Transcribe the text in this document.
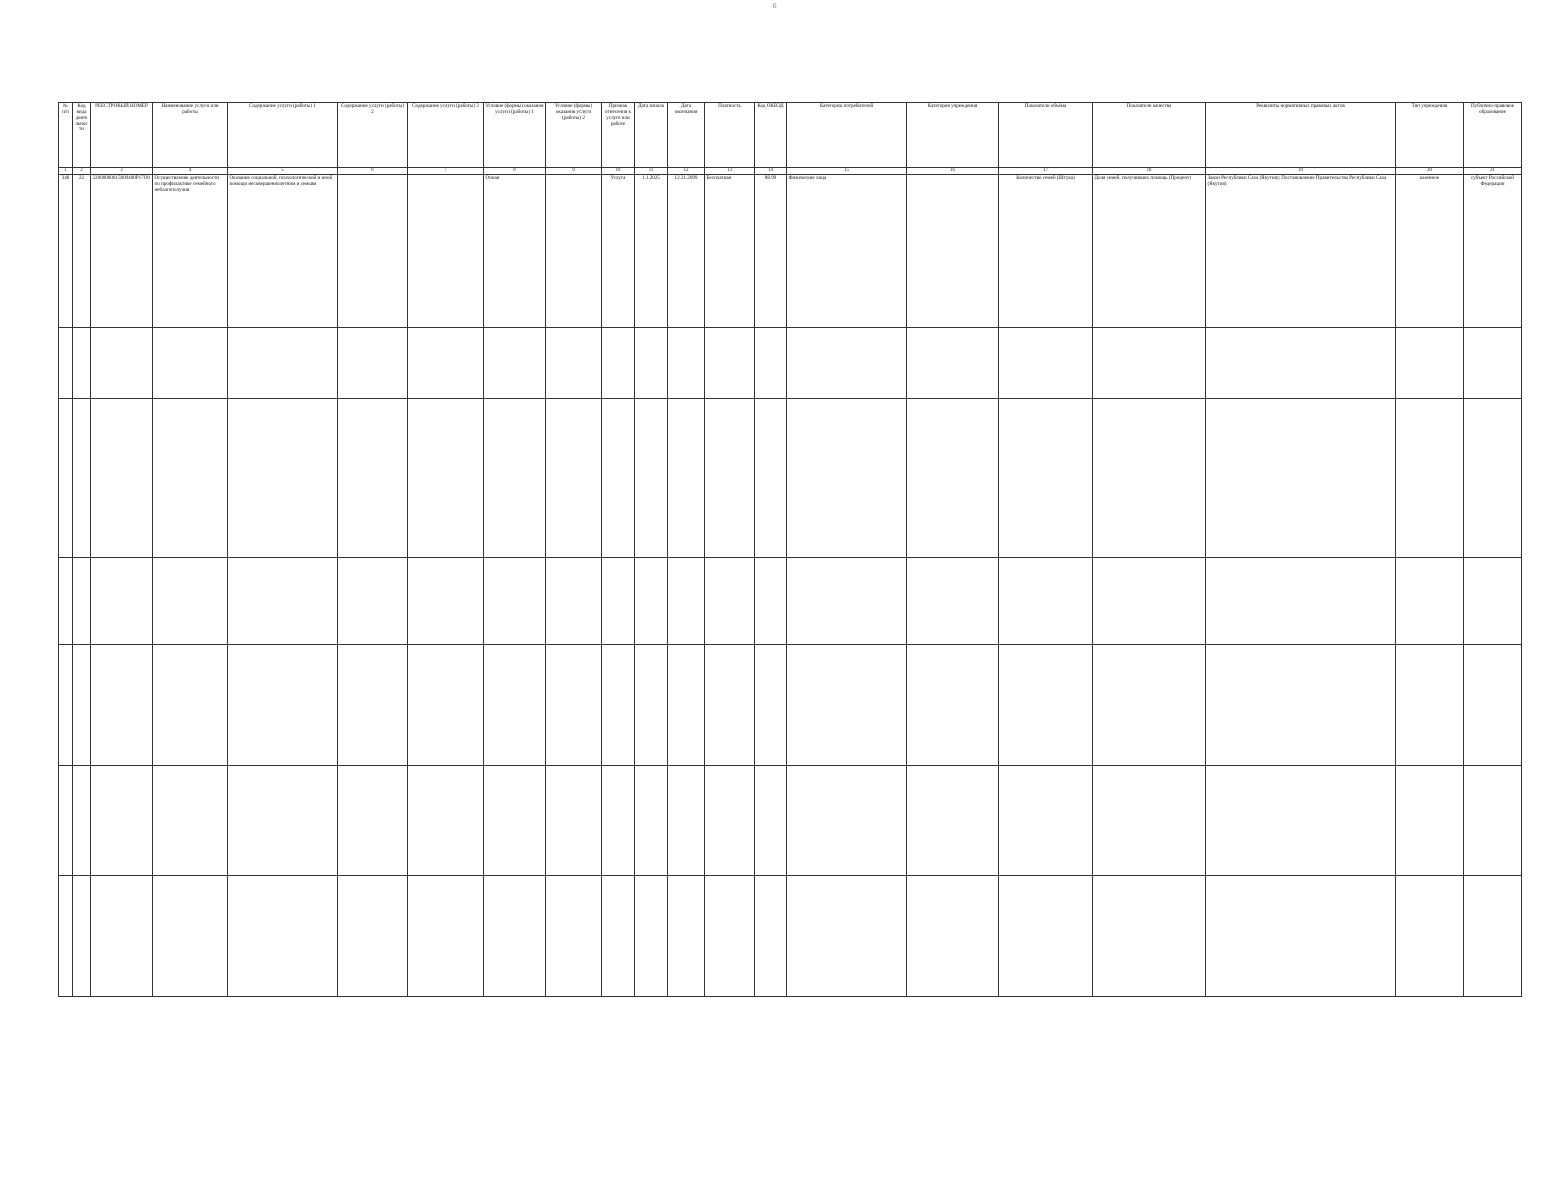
6
№ п/п	Код вида деятельности	РЕЕСТРОВЫЙ НОМЕР	Наименование услуги или работы	Содержание услуги (работы) 1	Содержание услуги (работы) 2	Содержание услуги (работы) 3	Условие (формы) оказания услуги (работы) 1	Условие (формы) оказания услуги (работы) 2	Признак отнесения к услуге или работе	Дата начала	Дата окончания	Платность	Код ОКВЭД	Категории потребителей	Категория учреждения	Показатели объёма	Показатели качества	Реквизиты нормативных правовых актов	Тип учреждения	Публично-правовое образование
1	2	3	4	5	6	7	8	9	10	11	12	13	14	15	16	17	18	19	20	21
348	22	22000000015809400P17О0	Осуществление деятельности по профилактике семейного неблагополучия	Оказание социальной, психологической и иной помощи несовершеннолетним и семьям			Очная		Услуга	1.1.2025	12.31.2099	Бесплатная	88.99	Физические лица		Количество семей (Штука)	Доля семей, получивших помощь (Процент)	Закон Республики Саха (Якутия); Постановление Правительства Республики Саха (Якутия)	казенное	субъект Российской Федерации
